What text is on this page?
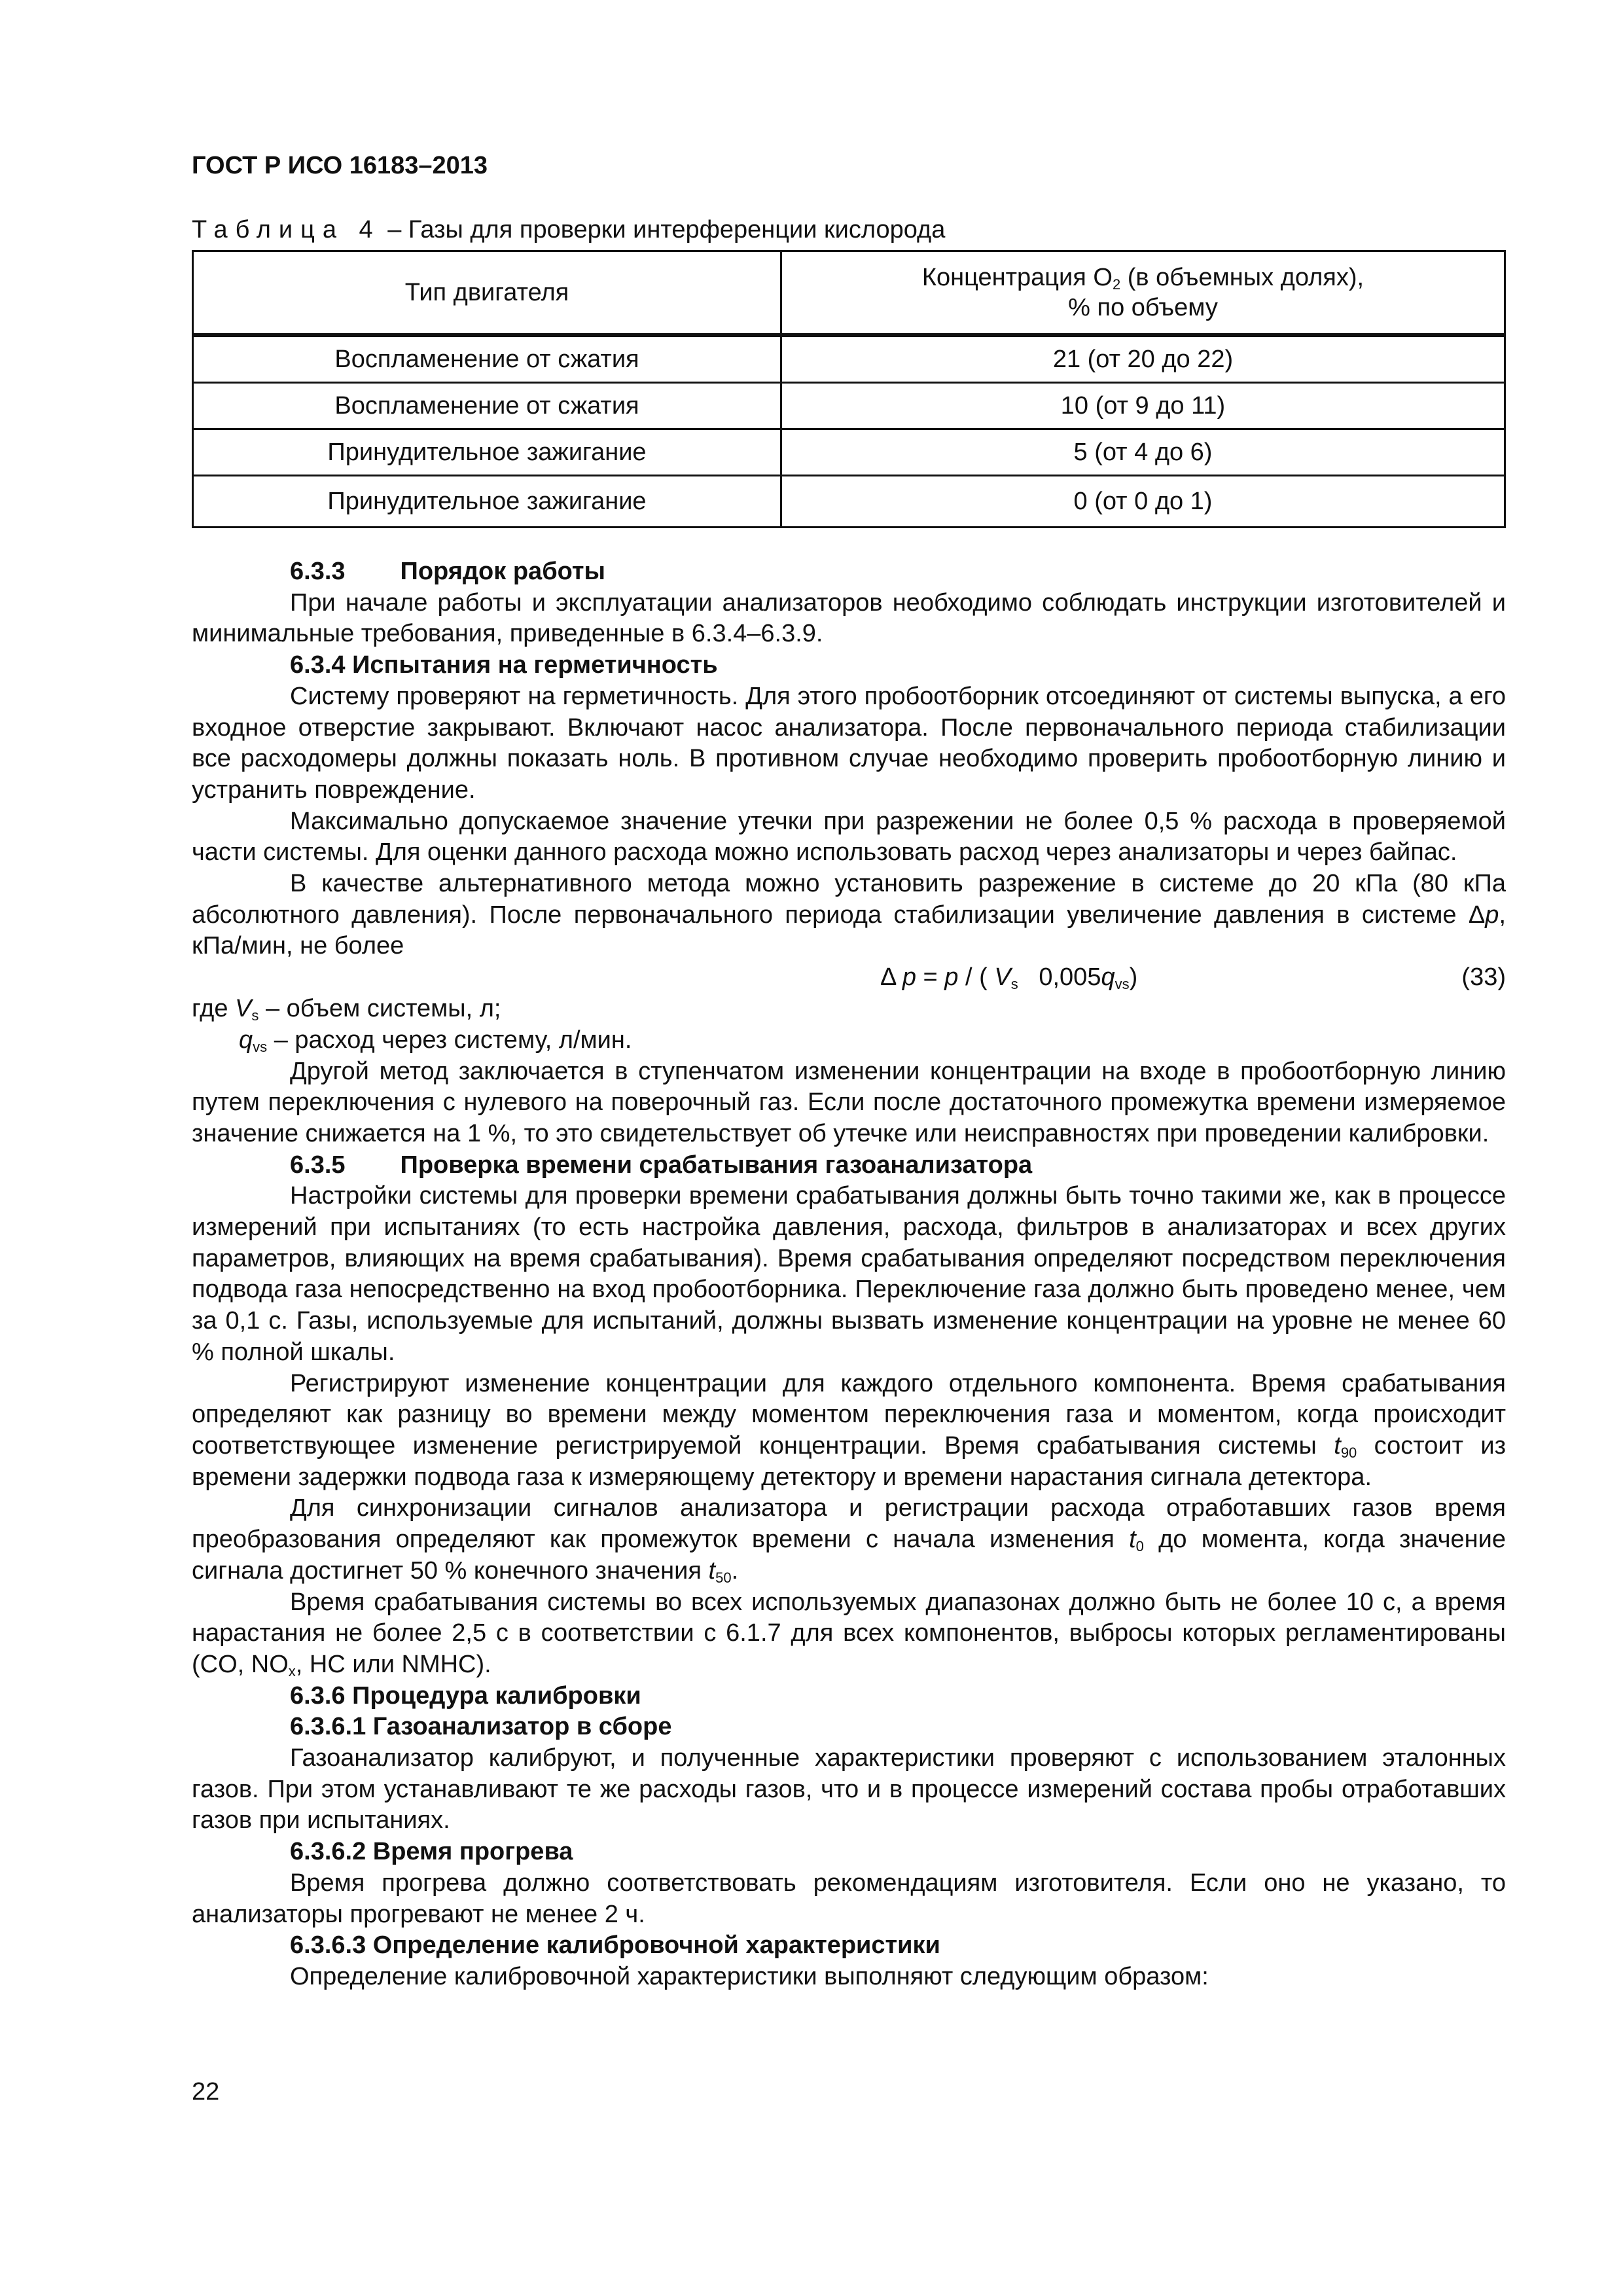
ГОСТ Р ИСО 16183–2013
Таблица 4 – Газы для проверки интерференции кислорода
Тип двигателя	Концентрация $O_2$ (в объемных долях),
% по объему
Воспламенение от сжатия	21 (от 20 до 22)
Воспламенение от сжатия	10 (от 9 до 11)
Принудительное зажигание	5 (от 4 до 6)
Принудительное зажигание	0 (от 0 до 1)

6.3.3 Порядок работы

При начале работы и эксплуатации анализаторов необходимо соблюдать инструкции изготовителей и минимальные требования, приведенные в 6.3.4–6.3.9.

6.3.4 Испытания на герметичность

Систему проверяют на герметичность. Для этого пробоотборник отсоединяют от системы выпуска, а его входное отверстие закрывают. Включают насос анализатора. После первоначального периода стабилизации все расходомеры должны показать ноль. В противном случае необходимо проверить пробоотборную линию и устранить повреждение.

Максимально допускаемое значение утечки при разрежении не более 0,5 % расхода в проверяемой части системы. Для оценки данного расхода можно использовать расход через анализаторы и через байпас.

В качестве альтернативного метода можно установить разрежение в системе до 20 кПа (80 кПа абсолютного давления). После первоначального периода стабилизации увеличение давления в системе Δp, кПа/мин, не более

Δ p = p / ( $V_s$   $0,005q_{vs}$)	(33)

где $V_s$ – объем системы, л;

$q_{vs}$ – расход через систему, л/мин.

Другой метод заключается в ступенчатом изменении концентрации на входе в пробоотборную линию путем переключения с нулевого на поверочный газ. Если после достаточного промежутка времени измеряемое значение снижается на 1 %, то это свидетельствует об утечке или неисправностях при проведении калибровки.

6.3.5 Проверка времени срабатывания газоанализатора

Настройки системы для проверки времени срабатывания должны быть точно такими же, как в процессе измерений при испытаниях (то есть настройка давления, расхода, фильтров в анализаторах и всех других параметров, влияющих на время срабатывания). Время срабатывания определяют посредством переключения подвода газа непосредственно на вход пробоотборника. Переключение газа должно быть проведено менее, чем за 0,1 с. Газы, используемые для испытаний, должны вызвать изменение концентрации на уровне не менее 60 % полной шкалы.

Регистрируют изменение концентрации для каждого отдельного компонента. Время срабатывания определяют как разницу во времени между моментом переключения газа и моментом, когда происходит соответствующее изменение регистрируемой концентрации. Время срабатывания системы $t_{90}$ состоит из времени задержки подвода газа к измеряющему детектору и времени нарастания сигнала детектора.

Для синхронизации сигналов анализатора и регистрации расхода отработавших газов время преобразования определяют как промежуток времени с начала изменения $t_0$ до момента, когда значение сигнала достигнет 50 % конечного значения $t_{50}$.

Время срабатывания системы во всех используемых диапазонах должно быть не более 10 с, а время нарастания не более 2,5 с в соответствии с 6.1.7 для всех компонентов, выбросы которых регламентированы (CO, $NO_x$, HC или NMHC).

6.3.6 Процедура калибровки

6.3.6.1 Газоанализатор в сборе

Газоанализатор калибруют, и полученные характеристики проверяют с использованием эталонных газов. При этом устанавливают те же расходы газов, что и в процессе измерений состава пробы отработавших газов при испытаниях.

6.3.6.2 Время прогрева

Время прогрева должно соответствовать рекомендациям изготовителя. Если оно не указано, то анализаторы прогревают не менее 2 ч.

6.3.6.3 Определение калибровочной характеристики

Определение калибровочной характеристики выполняют следующим образом:

22
